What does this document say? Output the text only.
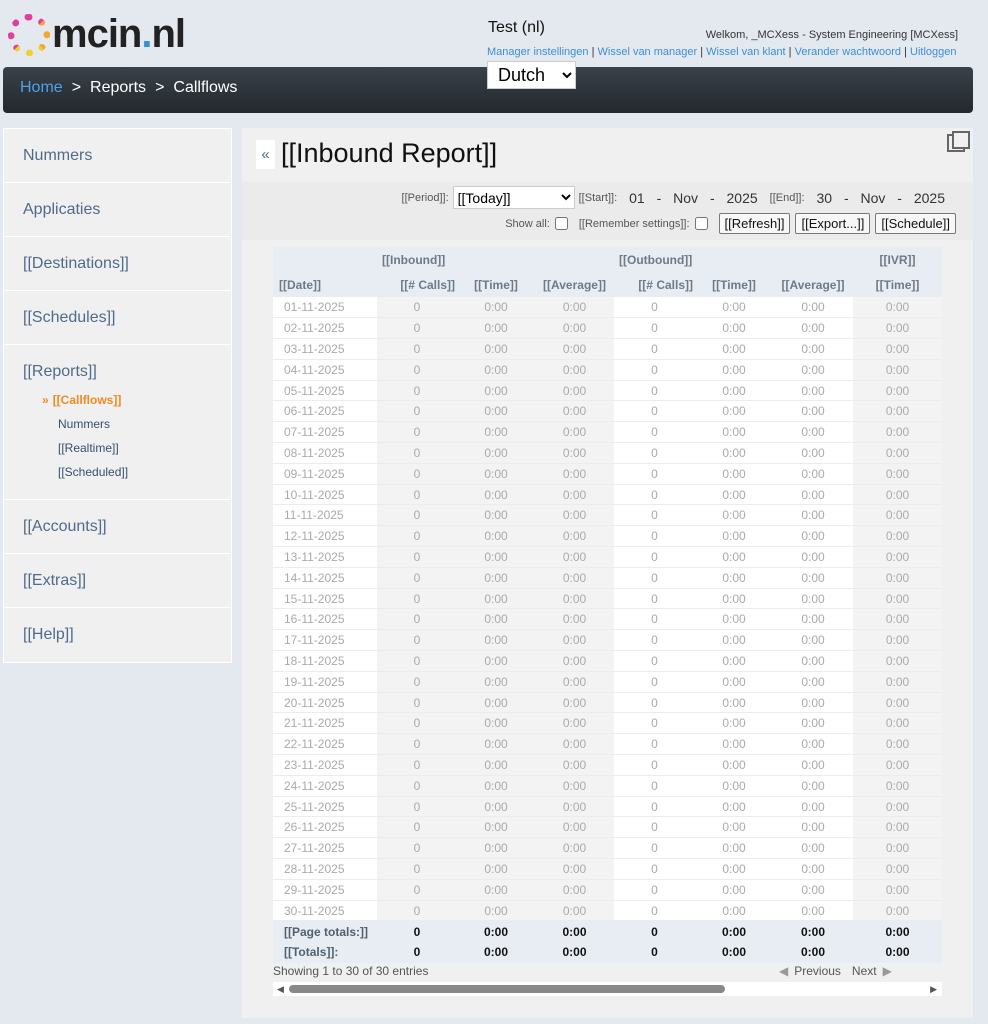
mcin.nl	Test (nl)	Welkom, _MCXess - System Engineering [MCXess]
Manager instellingen | Wissel van manager | Wissel van klant | Verander wachtwoord | Uitloggen
Dutch
Home > Reports > Callflows
Nummers
Applicaties
[[Destinations]]
[[Schedules]]
[[Reports]]
» [[Callflows]]
Nummers
[[Realtime]]
[[Scheduled]]
[[Accounts]]
[[Extras]]
[[Help]]
« [[Inbound Report]]
[[Period]]:
[[Today]]	[[Start]]: 01 - Nov - 2025 [[End]]: 30 - Nov - 2025
Show all:	[[Remember settings]]:	[[Refresh]]	[[Export...]]	[[Schedule]]
	[[Inbound]]			[[Outbound]]			[[IVR]]
[[Date]]	[[# Calls]]	[[Time]]	[[Average]]	[[# Calls]]	[[Time]]	[[Average]]	[[Time]]
01-11-2025	0	0:00	0:00	0	0:00	0:00	0:00
02-11-2025	0	0:00	0:00	0	0:00	0:00	0:00
03-11-2025	0	0:00	0:00	0	0:00	0:00	0:00
04-11-2025	0	0:00	0:00	0	0:00	0:00	0:00
05-11-2025	0	0:00	0:00	0	0:00	0:00	0:00
06-11-2025	0	0:00	0:00	0	0:00	0:00	0:00
07-11-2025	0	0:00	0:00	0	0:00	0:00	0:00
08-11-2025	0	0:00	0:00	0	0:00	0:00	0:00
09-11-2025	0	0:00	0:00	0	0:00	0:00	0:00
10-11-2025	0	0:00	0:00	0	0:00	0:00	0:00
11-11-2025	0	0:00	0:00	0	0:00	0:00	0:00
12-11-2025	0	0:00	0:00	0	0:00	0:00	0:00
13-11-2025	0	0:00	0:00	0	0:00	0:00	0:00
14-11-2025	0	0:00	0:00	0	0:00	0:00	0:00
15-11-2025	0	0:00	0:00	0	0:00	0:00	0:00
16-11-2025	0	0:00	0:00	0	0:00	0:00	0:00
17-11-2025	0	0:00	0:00	0	0:00	0:00	0:00
18-11-2025	0	0:00	0:00	0	0:00	0:00	0:00
19-11-2025	0	0:00	0:00	0	0:00	0:00	0:00
20-11-2025	0	0:00	0:00	0	0:00	0:00	0:00
21-11-2025	0	0:00	0:00	0	0:00	0:00	0:00
22-11-2025	0	0:00	0:00	0	0:00	0:00	0:00
23-11-2025	0	0:00	0:00	0	0:00	0:00	0:00
24-11-2025	0	0:00	0:00	0	0:00	0:00	0:00
25-11-2025	0	0:00	0:00	0	0:00	0:00	0:00
26-11-2025	0	0:00	0:00	0	0:00	0:00	0:00
27-11-2025	0	0:00	0:00	0	0:00	0:00	0:00
28-11-2025	0	0:00	0:00	0	0:00	0:00	0:00
29-11-2025	0	0:00	0:00	0	0:00	0:00	0:00
30-11-2025	0	0:00	0:00	0	0:00	0:00	0:00
[[Page totals:]]	0	0:00	0:00	0	0:00	0:00	0:00
[[Totals]]:	0	0:00	0:00	0	0:00	0:00	0:00
Showing 1 to 30 of 30 entries	◀ Previous Next ▶
◀	▶
